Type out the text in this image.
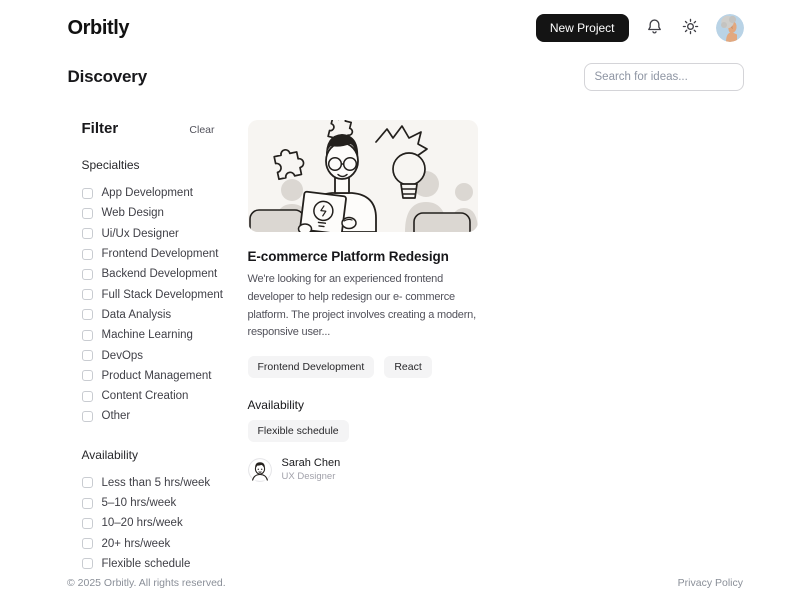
Orbitly	New Project
Discovery
Search for ideas...
Filter	Clear
Specialties
App Development
Web Design
Ui/Ux Designer
Frontend Development
Backend Development
Full Stack Development
Data Analysis
Machine Learning
DevOps
Product Management
Content Creation
Other
Availability
Less than 5 hrs/week
5–10 hrs/week
10–20 hrs/week
20+ hrs/week
Flexible schedule
E-commerce Platform Redesign
We're looking for an experienced frontend developer to help redesign our e- commerce platform. The project involves creating a modern, responsive user...
Frontend Development	React
Availability
Flexible schedule
Sarah Chen
UX Designer
© 2025 Orbitly. All rights reserved.	Privacy Policy
